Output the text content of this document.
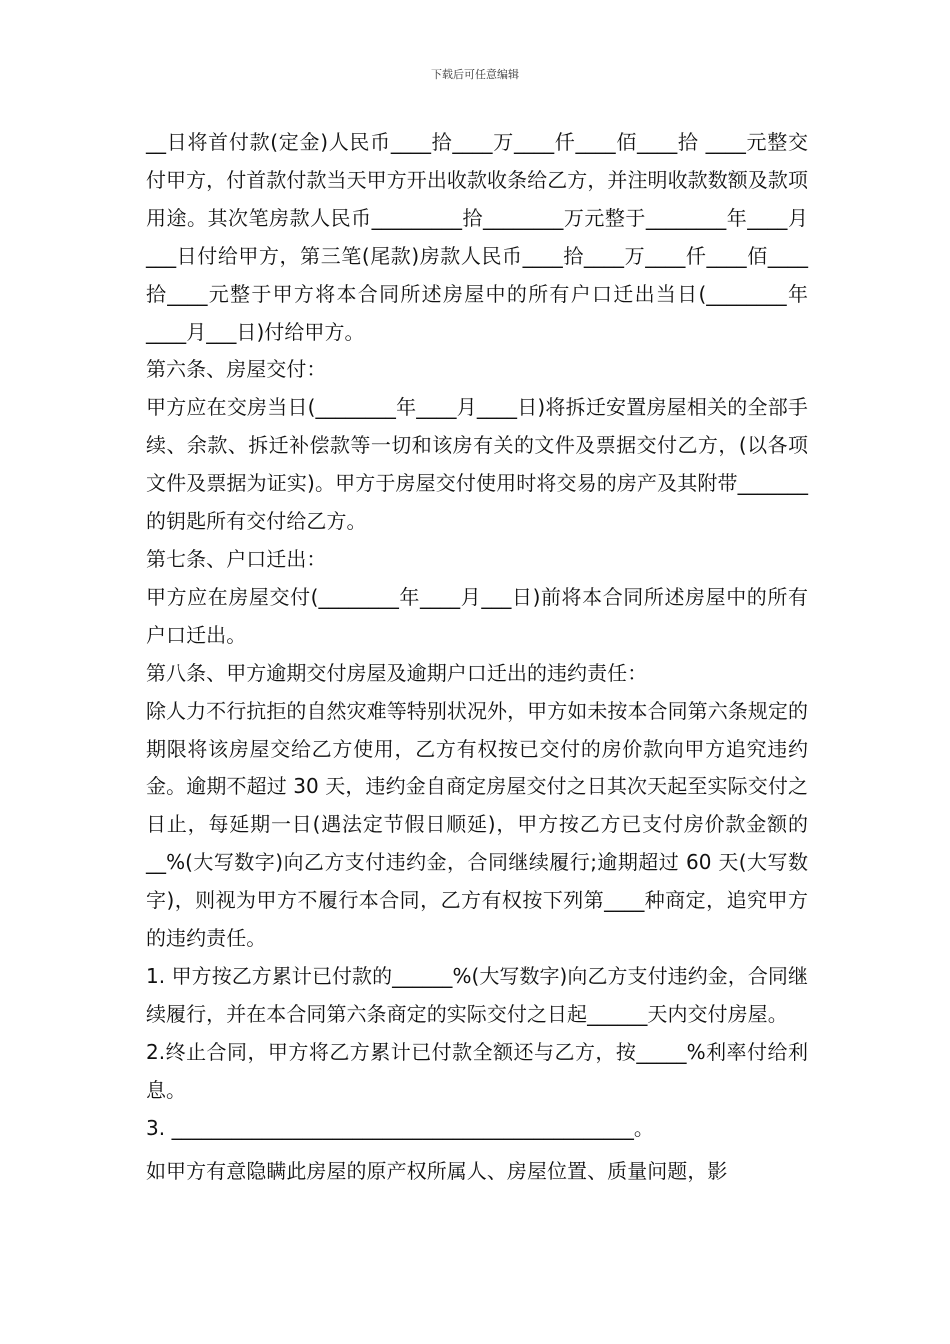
下载后可任意编辑

__日将首付款(定金)人民币____拾____万____仟____佰____拾 ____元整交付甲方，付首款付款当天甲方开出收款收条给乙方，并注明收款数额及款项用途。其次笔房款人民币_________拾________万元整于________年____月 ___日付给甲方，第三笔(尾款)房款人民币____拾____万____仟____佰____拾____元整于甲方将本合同所述房屋中的所有户口迁出当日(________年____月___日)付给甲方。

第六条、房屋交付：

甲方应在交房当日(________年____月____日)将拆迁安置房屋相关的全部手续、余款、拆迁补偿款等一切和该房有关的文件及票据交付乙方，(以各项文件及票据为证实)。甲方于房屋交付使用时将交易的房产及其附带_______的钥匙所有交付给乙方。

第七条、户口迁出：

甲方应在房屋交付(________年____月___日)前将本合同所述房屋中的所有户口迁出。

第八条、甲方逾期交付房屋及逾期户口迁出的违约责任：

除人力不行抗拒的自然灾难等特别状况外，甲方如未按本合同第六条规定的期限将该房屋交给乙方使用，乙方有权按已交付的房价款向甲方追究违约金。逾期不超过 30 天，违约金自商定房屋交付之日其次天起至实际交付之日止，每延期一日(遇法定节假日顺延)，甲方按乙方已支付房价款金额的__%(大写数字)向乙方支付违约金，合同继续履行;逾期超过 60 天(大写数字)，则视为甲方不履行本合同，乙方有权按下列第____种商定，追究甲方的违约责任。

1. 甲方按乙方累计已付款的______%(大写数字)向乙方支付违约金，合同继续履行，并在本合同第六条商定的实际交付之日起______天内交付房屋。

2.终止合同，甲方将乙方累计已付款全额还与乙方，按_____%利率付给利息。

3. ______________________________________________。

如甲方有意隐瞒此房屋的原产权所属人、房屋位置、质量问题，影
